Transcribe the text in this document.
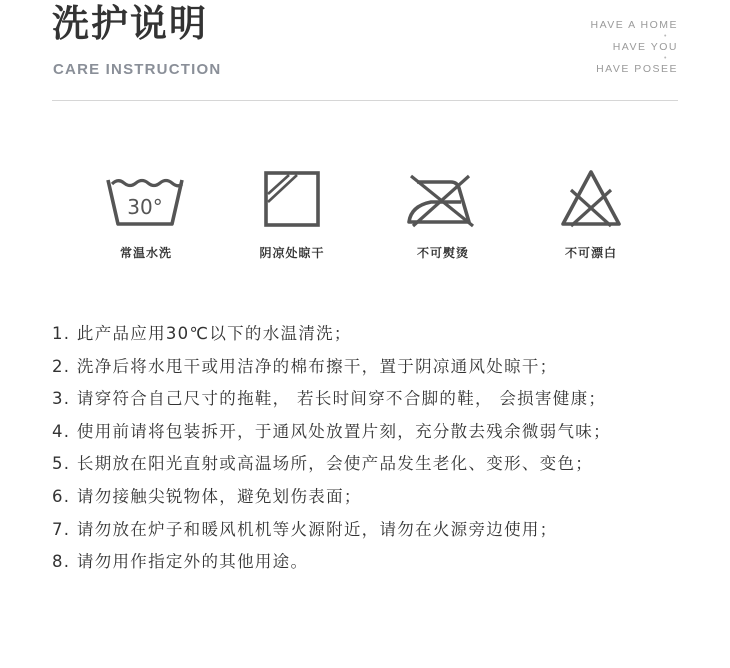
洗护说明
CARE INSTRUCTION
HAVE A HOME
•
HAVE YOU
•
HAVE POSEE
30°
常温水洗	阴凉处晾干	不可熨烫	不可漂白
1. 此产品应用30℃以下的水温清洗；
2. 洗净后将水甩干或用洁净的棉布擦干，置于阴凉通风处晾干；
3. 请穿符合自己尺寸的拖鞋， 若长时间穿不合脚的鞋， 会损害健康；
4. 使用前请将包装拆开，于通风处放置片刻，充分散去残余微弱气味；
5. 长期放在阳光直射或高温场所，会使产品发生老化、变形、变色；
6. 请勿接触尖锐物体，避免划伤表面；
7. 请勿放在炉子和暖风机机等火源附近，请勿在火源旁边使用；
8. 请勿用作指定外的其他用途。
